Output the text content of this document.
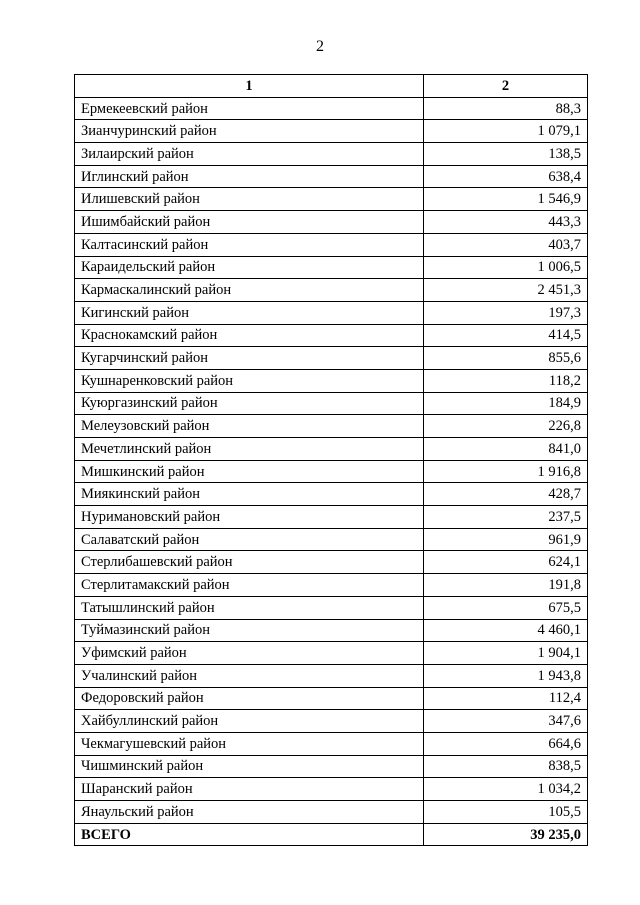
2
1	2
Ермекеевский район	88,3
Зианчуринский район	1 079,1
Зилаирский район	138,5
Иглинский район	638,4
Илишевский район	1 546,9
Ишимбайский район	443,3
Калтасинский район	403,7
Караидельский район	1 006,5
Кармаскалинский район	2 451,3
Кигинский район	197,3
Краснокамский район	414,5
Кугарчинский район	855,6
Кушнаренковский район	118,2
Куюргазинский район	184,9
Мелеузовский район	226,8
Мечетлинский район	841,0
Мишкинский район	1 916,8
Миякинский район	428,7
Нуримановский район	237,5
Салаватский район	961,9
Стерлибашевский район	624,1
Стерлитамакский район	191,8
Татышлинский район	675,5
Туймазинский район	4 460,1
Уфимский район	1 904,1
Учалинский район	1 943,8
Федоровский район	112,4
Хайбуллинский район	347,6
Чекмагушевский район	664,6
Чишминский район	838,5
Шаранский район	1 034,2
Янаульский район	105,5
ВСЕГО	39 235,0
